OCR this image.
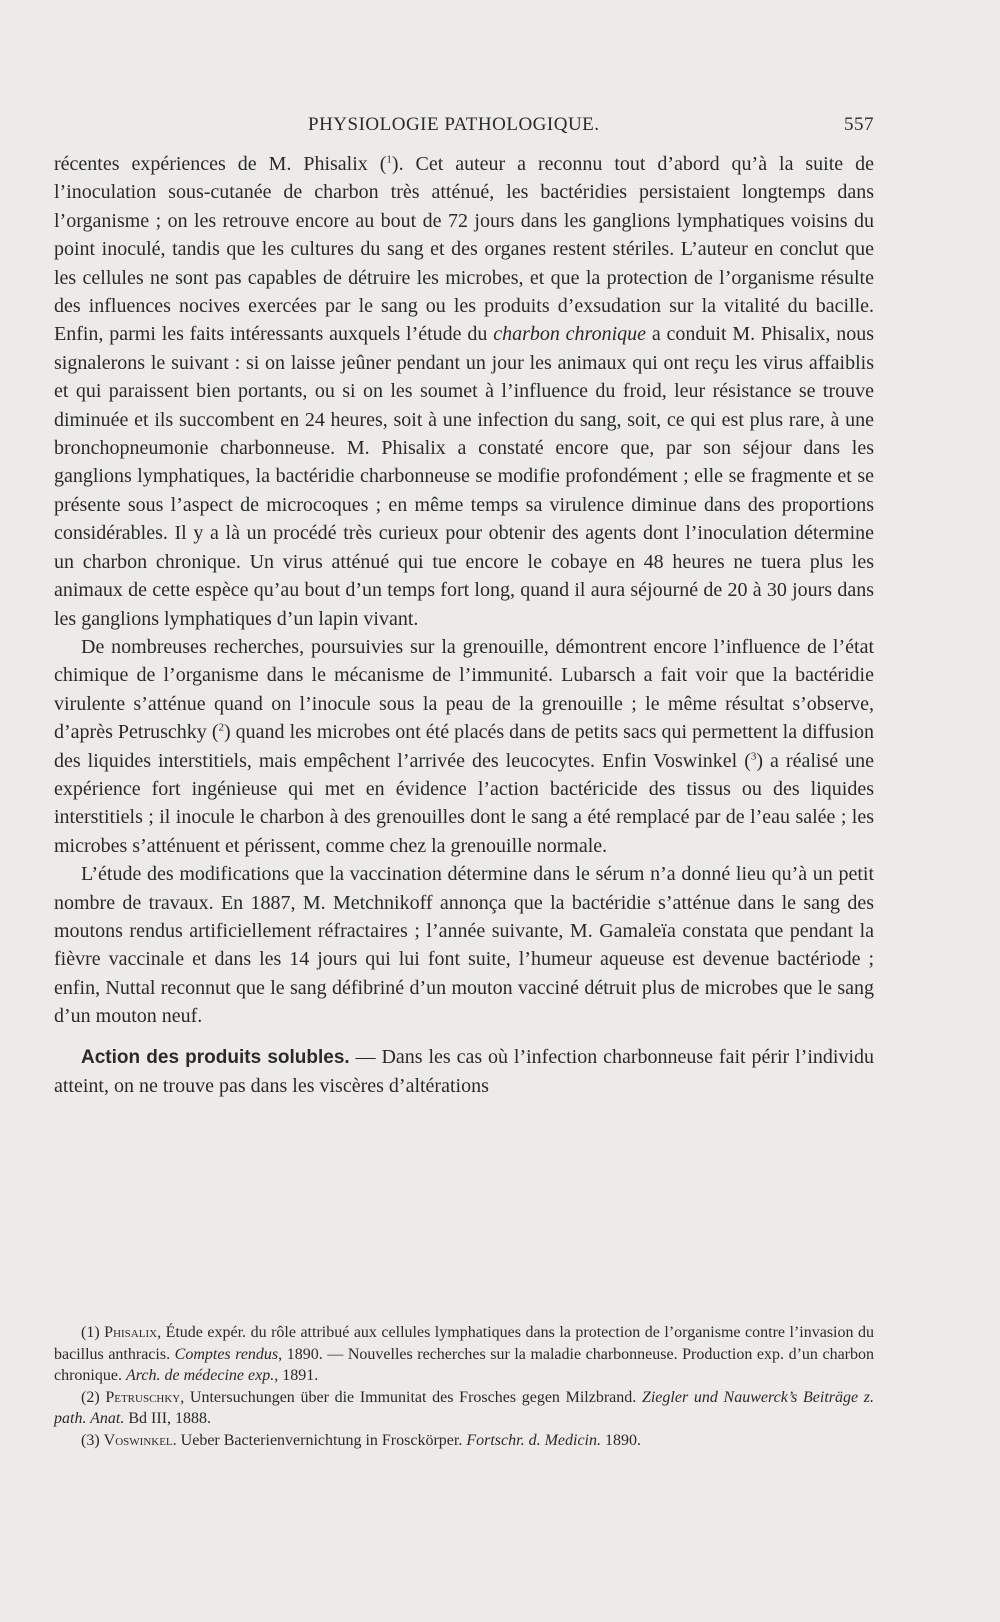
PHYSIOLOGIE PATHOLOGIQUE.	557

récentes expériences de M. Phisalix ($^1$). Cet auteur a reconnu tout d’abord qu’à la suite de l’inoculation sous-cutanée de charbon très atténué, les bactéridies persistaient longtemps dans l’organisme ; on les retrouve encore au bout de 72 jours dans les ganglions lymphatiques voisins du point inoculé, tandis que les cultures du sang et des organes restent stériles. L’auteur en conclut que les cellules ne sont pas capables de détruire les microbes, et que la protection de l’organisme résulte des influences nocives exercées par le sang ou les produits d’exsudation sur la vitalité du bacille. Enfin, parmi les faits intéressants auxquels l’étude du charbon chronique a conduit M. Phisalix, nous signalerons le suivant : si on laisse jeûner pendant un jour les animaux qui ont reçu les virus affaiblis et qui paraissent bien portants, ou si on les soumet à l’influence du froid, leur résistance se trouve diminuée et ils succombent en 24 heures, soit à une infection du sang, soit, ce qui est plus rare, à une bronchopneumonie charbonneuse. M. Phisalix a constaté encore que, par son séjour dans les ganglions lymphatiques, la bactéridie charbonneuse se modifie profondément ; elle se fragmente et se présente sous l’aspect de microcoques ; en même temps sa virulence diminue dans des proportions considérables. Il y a là un procédé très curieux pour obtenir des agents dont l’inoculation détermine un charbon chronique. Un virus atténué qui tue encore le cobaye en 48 heures ne tuera plus les animaux de cette espèce qu’au bout d’un temps fort long, quand il aura séjourné de 20 à 30 jours dans les ganglions lymphatiques d’un lapin vivant.

De nombreuses recherches, poursuivies sur la grenouille, démontrent encore l’influence de l’état chimique de l’organisme dans le mécanisme de l’immunité. Lubarsch a fait voir que la bactéridie virulente s’atténue quand on l’inocule sous la peau de la grenouille ; le même résultat s’observe, d’après Petruschky ($^2$) quand les microbes ont été placés dans de petits sacs qui permettent la diffusion des liquides interstitiels, mais empêchent l’arrivée des leucocytes. Enfin Voswinkel ($^3$) a réalisé une expérience fort ingénieuse qui met en évidence l’action bactéricide des tissus ou des liquides interstitiels ; il inocule le charbon à des grenouilles dont le sang a été remplacé par de l’eau salée ; les microbes s’atténuent et périssent, comme chez la grenouille normale.

L’étude des modifications que la vaccination détermine dans le sérum n’a donné lieu qu’à un petit nombre de travaux. En 1887, M. Metchnikoff annonça que la bactéridie s’atténue dans le sang des moutons rendus artificiellement réfractaires ; l’année suivante, M. Gamaleïa constata que pendant la fièvre vaccinale et dans les 14 jours qui lui font suite, l’humeur aqueuse est devenue bactériode ; enfin, Nuttal reconnut que le sang défibriné d’un mouton vacciné détruit plus de microbes que le sang d’un mouton neuf.

Action des produits solubles. — Dans les cas où l’infection charbonneuse fait périr l’individu atteint, on ne trouve pas dans les viscères d’altérations

(1) Phisalix, Étude expér. du rôle attribué aux cellules lymphatiques dans la protection de l’organisme contre l’invasion du bacillus anthracis. Comptes rendus, 1890. — Nouvelles recherches sur la maladie charbonneuse. Production exp. d’un charbon chronique. Arch. de médecine exp., 1891.

(2) Petruschky, Untersuchungen über die Immunitat des Frosches gegen Milzbrand. Ziegler und Nauwerck’s Beiträge z. path. Anat. Bd III, 1888.

(3) Voswinkel. Ueber Bacterienvernichtung in Frosckörper. Fortschr. d. Medicin. 1890.
